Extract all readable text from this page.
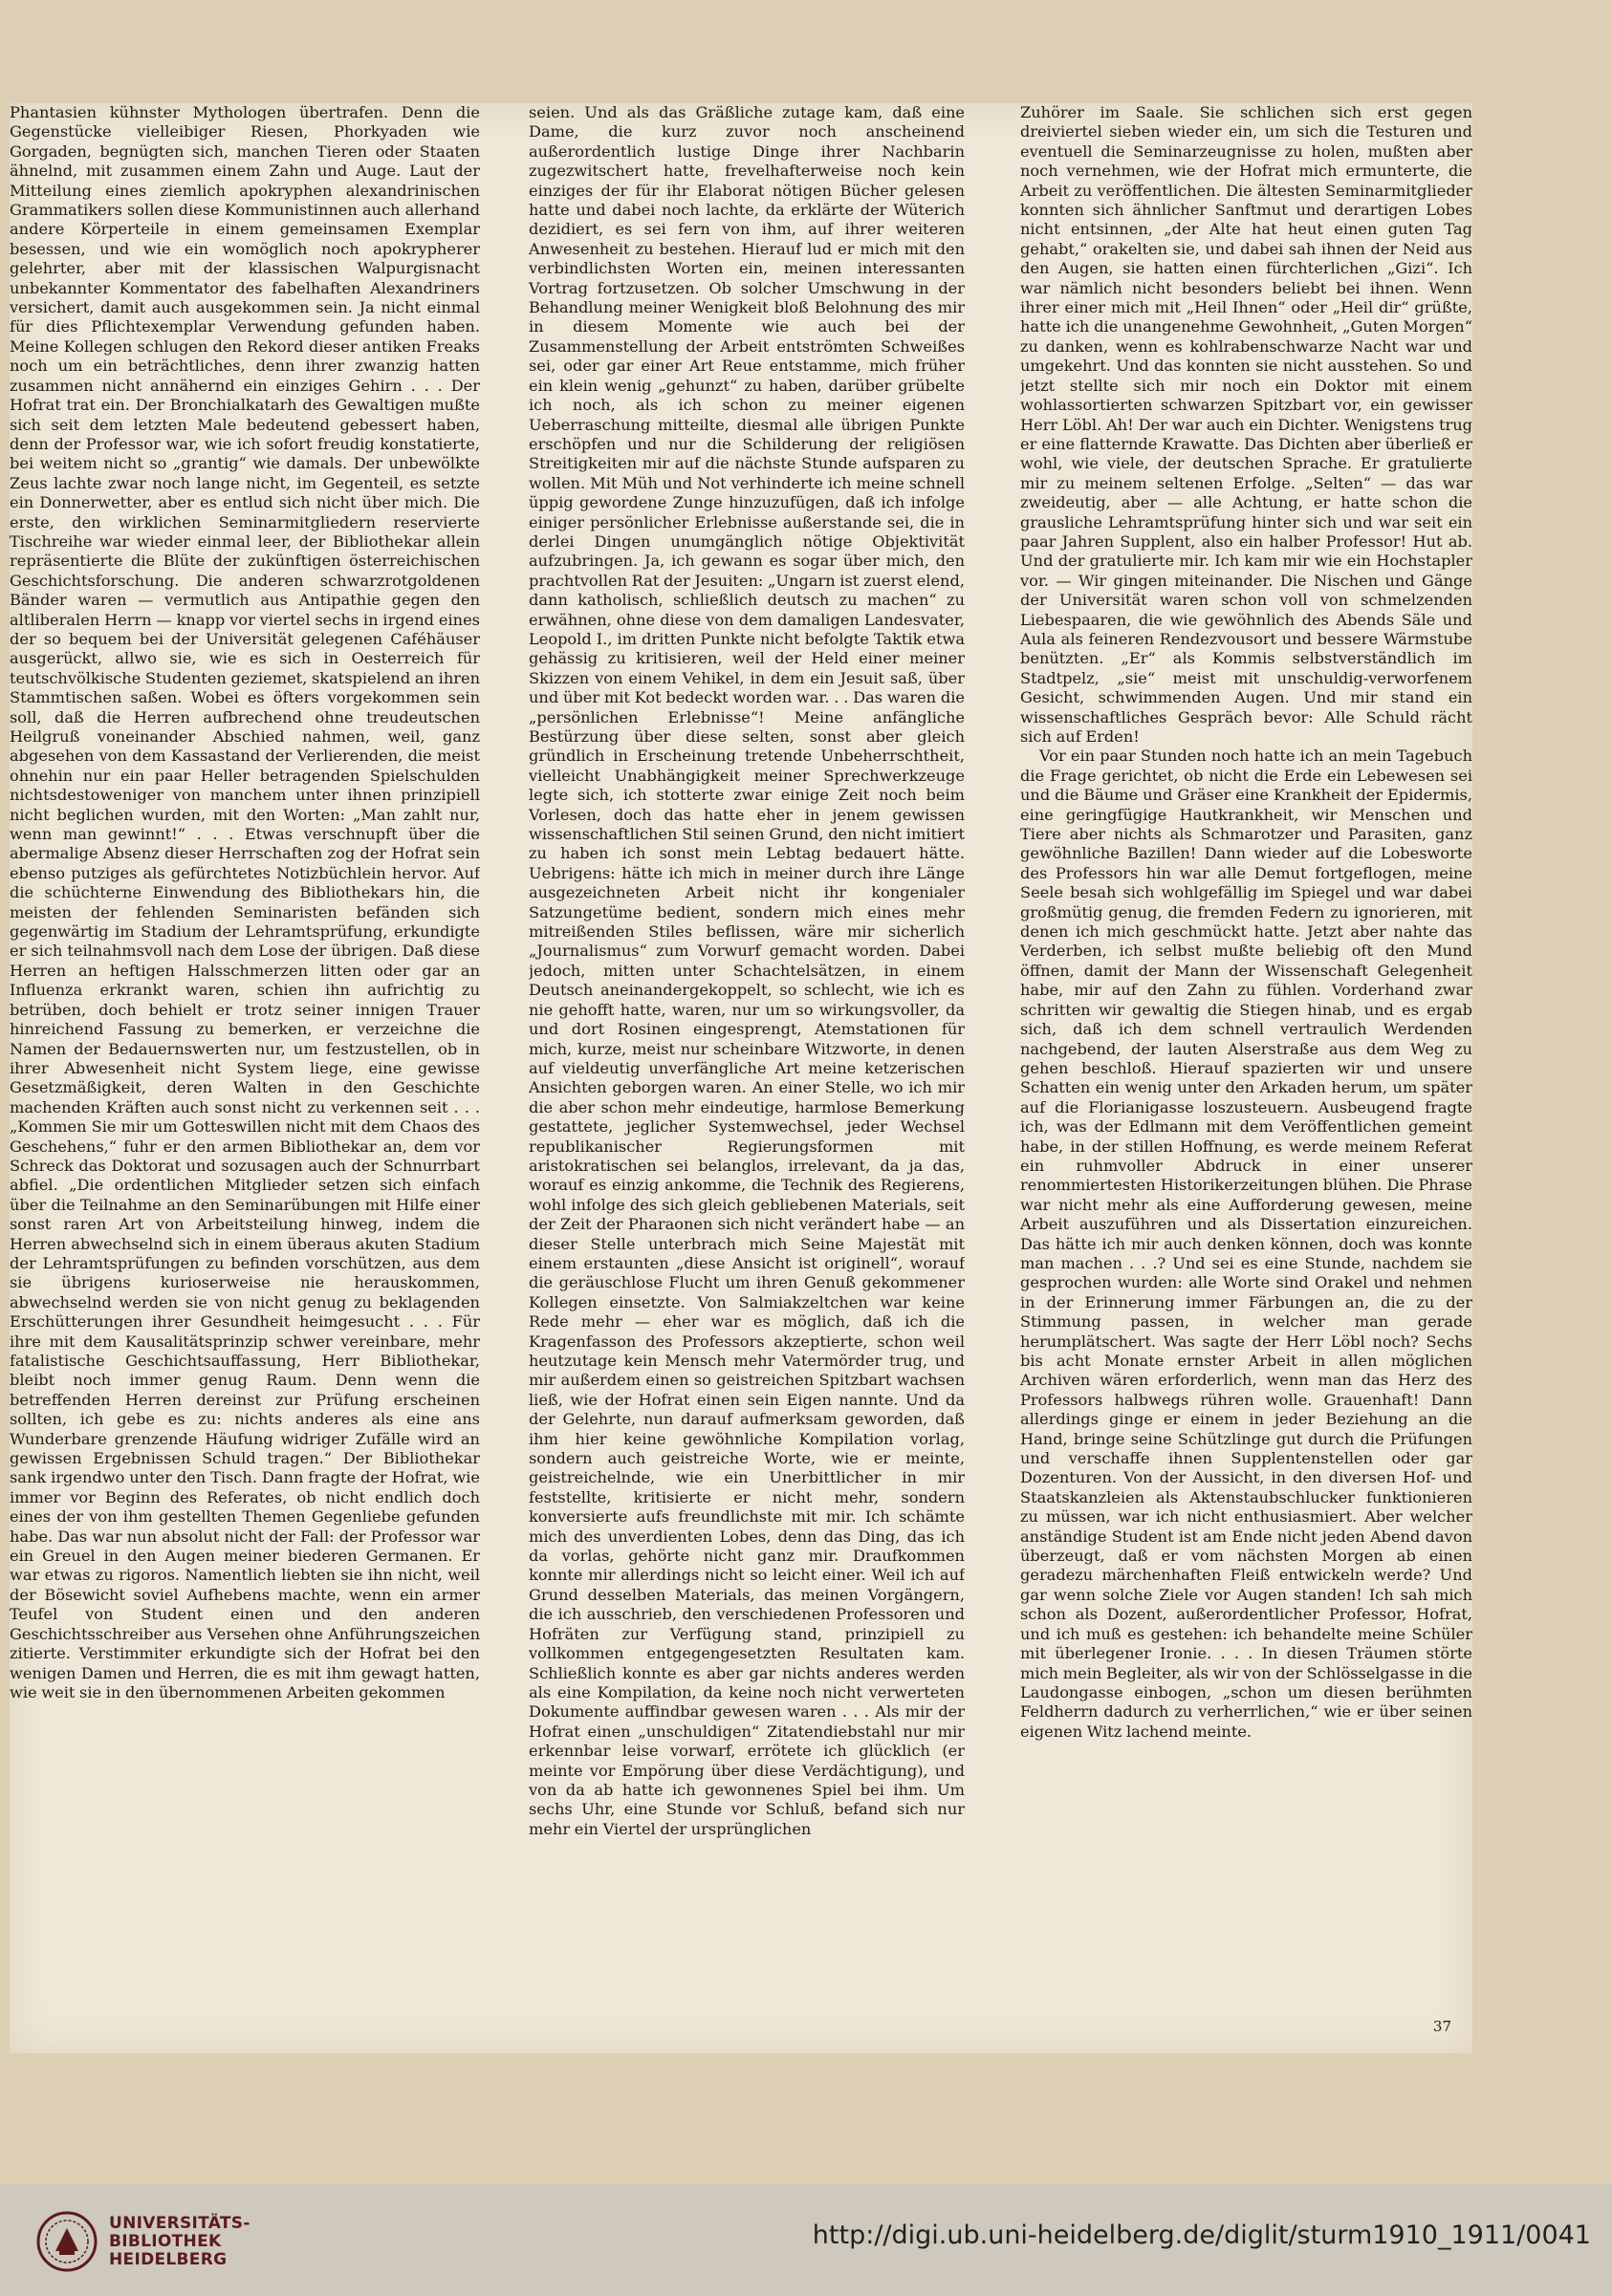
Phantasien kühnster Mythologen übertrafen. Denn die Gegenstücke vielleibiger Riesen, Phorkyaden wie Gorgaden, begnügten sich, manchen Tieren oder Staaten ähnelnd, mit zusammen einem Zahn und Auge. Laut der Mitteilung eines ziemlich apokryphen alexandrinischen Grammatikers sollen diese Kommunistinnen auch allerhand andere Körperteile in einem gemeinsamen Exemplar besessen, und wie ein womöglich noch apokrypherer gelehrter, aber mit der klassischen Walpurgisnacht unbekannter Kommentator des fabelhaften Alexandriners versichert, damit auch ausgekommen sein. Ja nicht einmal für dies Pflichtexemplar Verwendung gefunden haben. Meine Kollegen schlugen den Rekord dieser antiken Freaks noch um ein beträchtliches, denn ihrer zwanzig hatten zusammen nicht annähernd ein einziges Gehirn . . . Der Hofrat trat ein. Der Bronchialkatarh des Gewaltigen mußte sich seit dem letzten Male bedeutend gebessert haben, denn der Professor war, wie ich sofort freudig konstatierte, bei weitem nicht so „grantig“ wie damals. Der unbewölkte Zeus lachte zwar noch lange nicht, im Gegenteil, es setzte ein Donnerwetter, aber es entlud sich nicht über mich. Die erste, den wirklichen Seminarmitgliedern reservierte Tischreihe war wieder einmal leer, der Bibliothekar allein repräsentierte die Blüte der zukünftigen österreichischen Geschichtsforschung. Die anderen schwarzrotgoldenen Bänder waren — vermutlich aus Antipathie gegen den altliberalen Herrn — knapp vor viertel sechs in irgend eines der so bequem bei der Universität gelegenen Caféhäuser ausgerückt, allwo sie, wie es sich in Oesterreich für teutschvölkische Studenten geziemet, skatspielend an ihren Stammtischen saßen. Wobei es öfters vorgekommen sein soll, daß die Herren aufbrechend ohne treudeutschen Heilgruß voneinander Abschied nahmen, weil, ganz abgesehen von dem Kassastand der Verlierenden, die meist ohnehin nur ein paar Heller betragenden Spielschulden nichtsdestoweniger von manchem unter ihnen prinzipiell nicht beglichen wurden, mit den Worten: „Man zahlt nur, wenn man gewinnt!“ . . . Etwas verschnupft über die abermalige Absenz dieser Herrschaften zog der Hofrat sein ebenso putziges als gefürchtetes Notizbüchlein hervor. Auf die schüchterne Einwendung des Bibliothekars hin, die meisten der fehlenden Seminaristen befänden sich gegenwärtig im Stadium der Lehramtsprüfung, erkundigte er sich teilnahmsvoll nach dem Lose der übrigen. Daß diese Herren an heftigen Halsschmerzen litten oder gar an Influenza erkrankt waren, schien ihn aufrichtig zu betrüben, doch behielt er trotz seiner innigen Trauer hinreichend Fassung zu bemerken, er verzeichne die Namen der Bedauernswerten nur, um festzustellen, ob in ihrer Abwesenheit nicht System liege, eine gewisse Gesetzmäßigkeit, deren Walten in den Geschichte machenden Kräften auch sonst nicht zu verkennen seit . . . „Kommen Sie mir um Gotteswillen nicht mit dem Chaos des Geschehens,“ fuhr er den armen Bibliothekar an, dem vor Schreck das Doktorat und sozusagen auch der Schnurrbart abfiel. „Die ordentlichen Mitglieder setzen sich einfach über die Teilnahme an den Seminarübungen mit Hilfe einer sonst raren Art von Arbeitsteilung hinweg, indem die Herren abwechselnd sich in einem überaus akuten Stadium der Lehramtsprüfungen zu befinden vorschützen, aus dem sie übrigens kurioserweise nie herauskommen, abwechselnd werden sie von nicht genug zu beklagenden Erschütterungen ihrer Gesundheit heimgesucht . . . Für ihre mit dem Kausalitätsprinzip schwer vereinbare, mehr fatalistische Geschichtsauffassung, Herr Bibliothekar, bleibt noch immer genug Raum. Denn wenn die betreffenden Herren dereinst zur Prüfung erscheinen sollten, ich gebe es zu: nichts anderes als eine ans Wunderbare grenzende Häufung widriger Zufälle wird an gewissen Ergebnissen Schuld tragen.“ Der Bibliothekar sank irgendwo unter den Tisch. Dann fragte der Hofrat, wie immer vor Beginn des Referates, ob nicht endlich doch eines der von ihm gestellten Themen Gegenliebe gefunden habe. Das war nun absolut nicht der Fall: der Professor war ein Greuel in den Augen meiner biederen Germanen. Er war etwas zu rigoros. Namentlich liebten sie ihn nicht, weil der Bösewicht soviel Aufhebens machte, wenn ein armer Teufel von Student einen und den anderen Geschichtsschreiber aus Versehen ohne Anführungszeichen zitierte. Verstimmiter erkundigte sich der Hofrat bei den wenigen Damen und Herren, die es mit ihm gewagt hatten, wie weit sie in den übernommenen Arbeiten gekommen

seien. Und als das Gräßliche zutage kam, daß eine Dame, die kurz zuvor noch anscheinend außerordentlich lustige Dinge ihrer Nachbarin zugezwitschert hatte, frevelhafterweise noch kein einziges der für ihr Elaborat nötigen Bücher gelesen hatte und dabei noch lachte, da erklärte der Wüterich dezidiert, es sei fern von ihm, auf ihrer weiteren Anwesenheit zu bestehen. Hierauf lud er mich mit den verbindlichsten Worten ein, meinen interessanten Vortrag fortzusetzen. Ob solcher Umschwung in der Behandlung meiner Wenigkeit bloß Belohnung des mir in diesem Momente wie auch bei der Zusammenstellung der Arbeit entströmten Schweißes sei, oder gar einer Art Reue entstamme, mich früher ein klein wenig „gehunzt“ zu haben, darüber grübelte ich noch, als ich schon zu meiner eigenen Ueberraschung mitteilte, diesmal alle übrigen Punkte erschöpfen und nur die Schilderung der religiösen Streitigkeiten mir auf die nächste Stunde aufsparen zu wollen. Mit Müh und Not verhinderte ich meine schnell üppig gewordene Zunge hinzuzufügen, daß ich infolge einiger persönlicher Erlebnisse außerstande sei, die in derlei Dingen unumgänglich nötige Objektivität aufzubringen. Ja, ich gewann es sogar über mich, den prachtvollen Rat der Jesuiten: „Ungarn ist zuerst elend, dann katholisch, schließlich deutsch zu machen“ zu erwähnen, ohne diese von dem damaligen Landesvater, Leopold I., im dritten Punkte nicht befolgte Taktik etwa gehässig zu kritisieren, weil der Held einer meiner Skizzen von einem Vehikel, in dem ein Jesuit saß, über und über mit Kot bedeckt worden war. . . Das waren die „persönlichen Erlebnisse“! Meine anfängliche Bestürzung über diese selten, sonst aber gleich gründlich in Erscheinung tretende Unbeherrschtheit, vielleicht Unabhängigkeit meiner Sprechwerkzeuge legte sich, ich stotterte zwar einige Zeit noch beim Vorlesen, doch das hatte eher in jenem gewissen wissenschaftlichen Stil seinen Grund, den nicht imitiert zu haben ich sonst mein Lebtag bedauert hätte. Uebrigens: hätte ich mich in meiner durch ihre Länge ausgezeichneten Arbeit nicht ihr kongenialer Satzungetüme bedient, sondern mich eines mehr mitreißenden Stiles beflissen, wäre mir sicherlich „Journalismus“ zum Vorwurf gemacht worden. Dabei jedoch, mitten unter Schachtelsätzen, in einem Deutsch aneinandergekoppelt, so schlecht, wie ich es nie gehofft hatte, waren, nur um so wirkungsvoller, da und dort Rosinen eingesprengt, Atemstationen für mich, kurze, meist nur scheinbare Witzworte, in denen auf vieldeutig unverfängliche Art meine ketzerischen Ansichten geborgen waren. An einer Stelle, wo ich mir die aber schon mehr eindeutige, harmlose Bemerkung gestattete, jeglicher Systemwechsel, jeder Wechsel republikanischer Regierungsformen mit aristokratischen sei belanglos, irrelevant, da ja das, worauf es einzig ankomme, die Technik des Regierens, wohl infolge des sich gleich gebliebenen Materials, seit der Zeit der Pharaonen sich nicht verändert habe — an dieser Stelle unterbrach mich Seine Majestät mit einem erstaunten „diese Ansicht ist originell“, worauf die geräuschlose Flucht um ihren Genuß gekommener Kollegen einsetzte. Von Salmiakzeltchen war keine Rede mehr — eher war es möglich, daß ich die Kragenfasson des Professors akzeptierte, schon weil heutzutage kein Mensch mehr Vatermörder trug, und mir außerdem einen so geistreichen Spitzbart wachsen ließ, wie der Hofrat einen sein Eigen nannte. Und da der Gelehrte, nun darauf aufmerksam geworden, daß ihm hier keine gewöhnliche Kompilation vorlag, sondern auch geistreiche Worte, wie er meinte, geistreichelnde, wie ein Unerbittlicher in mir feststellte, kritisierte er nicht mehr, sondern konversierte aufs freundlichste mit mir. Ich schämte mich des unverdienten Lobes, denn das Ding, das ich da vorlas, gehörte nicht ganz mir. Draufkommen konnte mir allerdings nicht so leicht einer. Weil ich auf Grund desselben Materials, das meinen Vorgängern, die ich ausschrieb, den verschiedenen Professoren und Hofräten zur Verfügung stand, prinzipiell zu vollkommen entgegengesetzten Resultaten kam. Schließlich konnte es aber gar nichts anderes werden als eine Kompilation, da keine noch nicht verwerteten Dokumente auffindbar gewesen waren . . . Als mir der Hofrat einen „unschuldigen“ Zitatendiebstahl nur mir erkennbar leise vorwarf, errötete ich glücklich (er meinte vor Empörung über diese Verdächtigung), und von da ab hatte ich gewonnenes Spiel bei ihm. Um sechs Uhr, eine Stunde vor Schluß, befand sich nur mehr ein Viertel der ursprünglichen

Zuhörer im Saale. Sie schlichen sich erst gegen dreiviertel sieben wieder ein, um sich die Testuren und eventuell die Seminarzeugnisse zu holen, mußten aber noch vernehmen, wie der Hofrat mich ermunterte, die Arbeit zu veröffentlichen. Die ältesten Seminarmitglieder konnten sich ähnlicher Sanftmut und derartigen Lobes nicht entsinnen, „der Alte hat heut einen guten Tag gehabt,“ orakelten sie, und dabei sah ihnen der Neid aus den Augen, sie hatten einen fürchterlichen „Gizi“. Ich war nämlich nicht besonders beliebt bei ihnen. Wenn ihrer einer mich mit „Heil Ihnen“ oder „Heil dir“ grüßte, hatte ich die unangenehme Gewohnheit, „Guten Morgen“ zu danken, wenn es kohlrabenschwarze Nacht war und umgekehrt. Und das konnten sie nicht ausstehen. So und jetzt stellte sich mir noch ein Doktor mit einem wohlassortierten schwarzen Spitzbart vor, ein gewisser Herr Löbl. Ah! Der war auch ein Dichter. Wenigstens trug er eine flatternde Krawatte. Das Dichten aber überließ er wohl, wie viele, der deutschen Sprache. Er gratulierte mir zu meinem seltenen Erfolge. „Selten“ — das war zweideutig, aber — alle Achtung, er hatte schon die grausliche Lehramtsprüfung hinter sich und war seit ein paar Jahren Supplent, also ein halber Professor! Hut ab. Und der gratulierte mir. Ich kam mir wie ein Hochstapler vor. — Wir gingen miteinander. Die Nischen und Gänge der Universität waren schon voll von schmelzenden Liebespaaren, die wie gewöhnlich des Abends Säle und Aula als feineren Rendezvousort und bessere Wärmstube benützten. „Er“ als Kommis selbstverständlich im Stadtpelz, „sie“ meist mit unschuldig-verworfenem Gesicht, schwimmenden Augen. Und mir stand ein wissenschaftliches Gespräch bevor: Alle Schuld rächt sich auf Erden!

Vor ein paar Stunden noch hatte ich an mein Tagebuch die Frage gerichtet, ob nicht die Erde ein Lebewesen sei und die Bäume und Gräser eine Krankheit der Epidermis, eine geringfügige Hautkrankheit, wir Menschen und Tiere aber nichts als Schmarotzer und Parasiten, ganz gewöhnliche Bazillen! Dann wieder auf die Lobesworte des Professors hin war alle Demut fortgeflogen, meine Seele besah sich wohlgefällig im Spiegel und war dabei großmütig genug, die fremden Federn zu ignorieren, mit denen ich mich geschmückt hatte. Jetzt aber nahte das Verderben, ich selbst mußte beliebig oft den Mund öffnen, damit der Mann der Wissenschaft Gelegenheit habe, mir auf den Zahn zu fühlen. Vorderhand zwar schritten wir gewaltig die Stiegen hinab, und es ergab sich, daß ich dem schnell vertraulich Werdenden nachgebend, der lauten Alserstraße aus dem Weg zu gehen beschloß. Hierauf spazierten wir und unsere Schatten ein wenig unter den Arkaden herum, um später auf die Florianigasse loszusteuern. Ausbeugend fragte ich, was der Edlmann mit dem Veröffentlichen gemeint habe, in der stillen Hoffnung, es werde meinem Referat ein ruhmvoller Abdruck in einer unserer renommiertesten Historikerzeitungen blühen. Die Phrase war nicht mehr als eine Aufforderung gewesen, meine Arbeit auszuführen und als Dissertation einzureichen. Das hätte ich mir auch denken können, doch was konnte man machen . . .? Und sei es eine Stunde, nachdem sie gesprochen wurden: alle Worte sind Orakel und nehmen in der Erinnerung immer Färbungen an, die zu der Stimmung passen, in welcher man gerade herumplätschert. Was sagte der Herr Löbl noch? Sechs bis acht Monate ernster Arbeit in allen möglichen Archiven wären erforderlich, wenn man das Herz des Professors halbwegs rühren wolle. Grauenhaft! Dann allerdings ginge er einem in jeder Beziehung an die Hand, bringe seine Schützlinge gut durch die Prüfungen und verschaffe ihnen Supplentenstellen oder gar Dozenturen. Von der Aussicht, in den diversen Hof- und Staatskanzleien als Aktenstaubschlucker funktionieren zu müssen, war ich nicht enthusiasmiert. Aber welcher anständige Student ist am Ende nicht jeden Abend davon überzeugt, daß er vom nächsten Morgen ab einen geradezu märchenhaften Fleiß entwickeln werde? Und gar wenn solche Ziele vor Augen standen! Ich sah mich schon als Dozent, außerordentlicher Professor, Hofrat, und ich muß es gestehen: ich behandelte meine Schüler mit überlegener Ironie. . . . In diesen Träumen störte mich mein Begleiter, als wir von der Schlösselgasse in die Laudongasse einbogen, „schon um diesen berühmten Feldherrn dadurch zu verherrlichen,“ wie er über seinen eigenen Witz lachend meinte.

37
UNIVERSITÄTS-
BIBLIOTHEK
HEIDELBERG
http://digi.ub.uni-heidelberg.de/diglit/sturm1910_1911/0041
